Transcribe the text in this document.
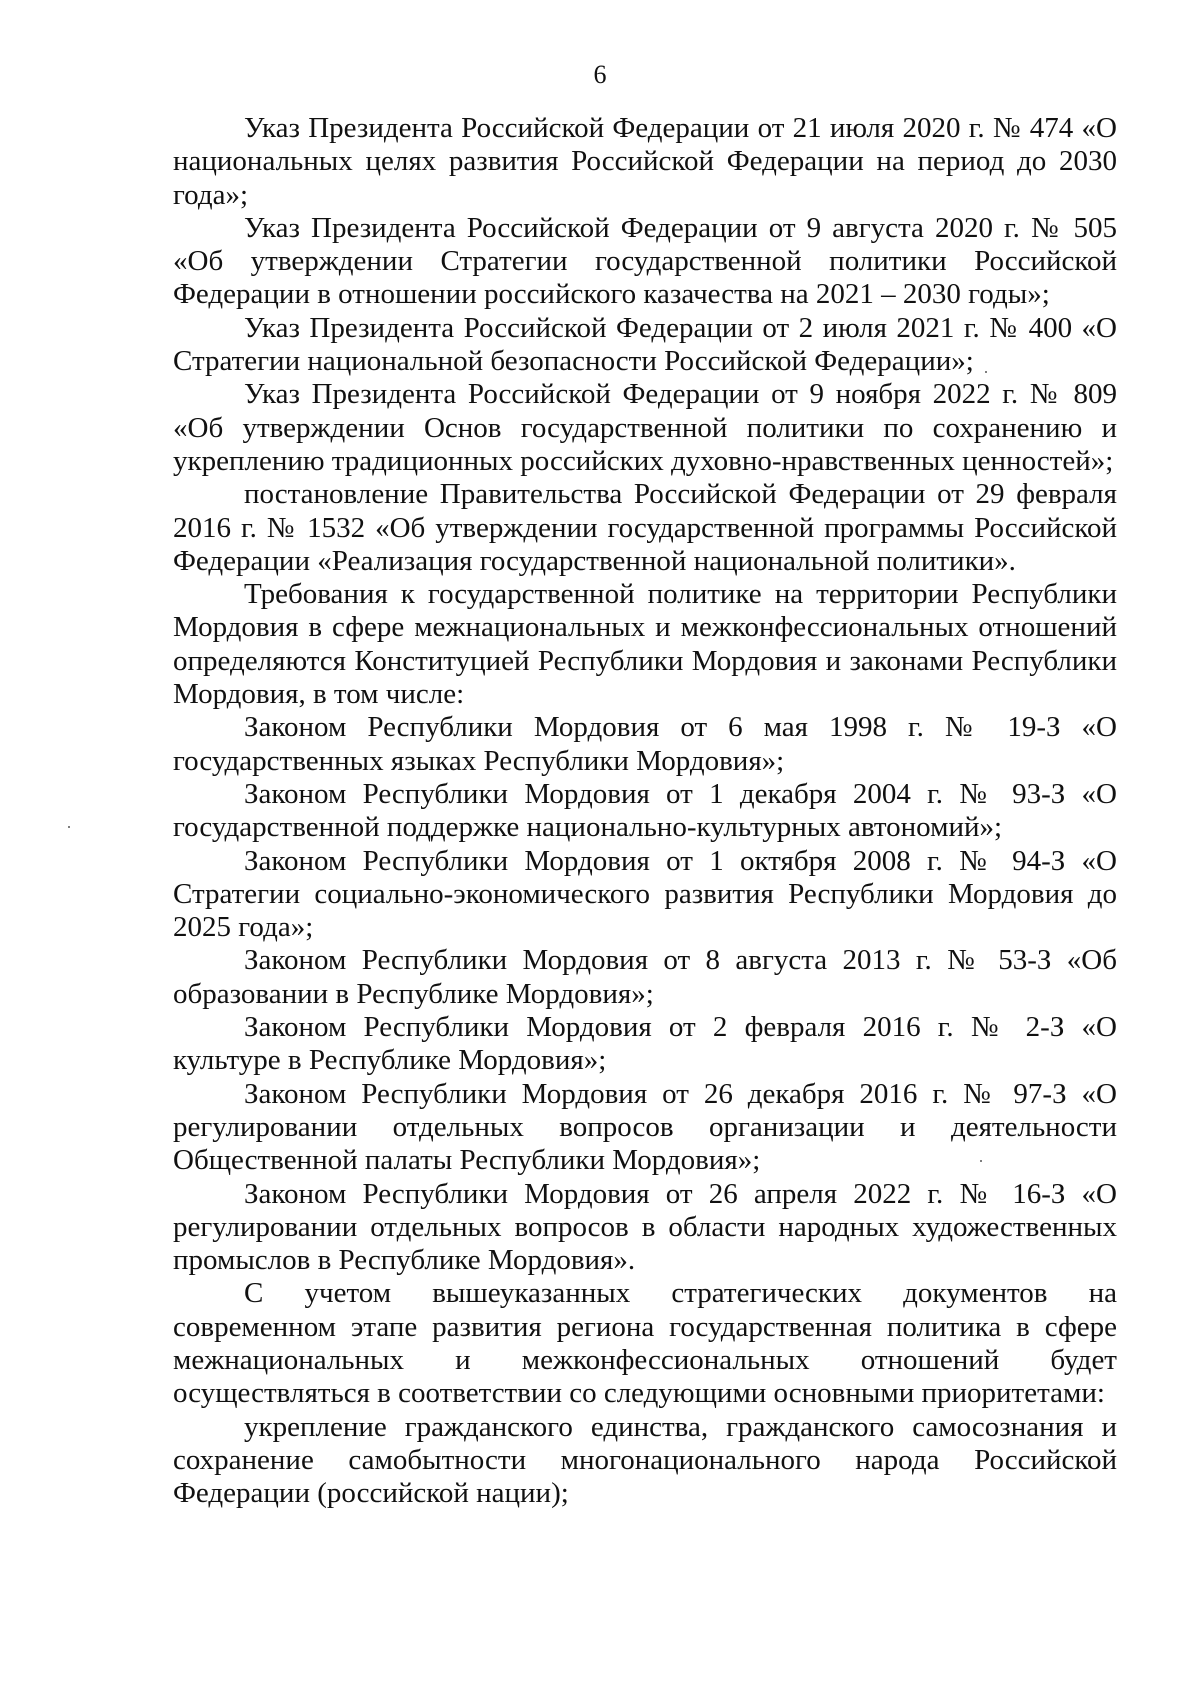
6

Указ Президента Российской Федерации от 21 июля 2020 г. № 474 «О национальных целях развития Российской Федерации на период до 2030 года»;

Указ Президента Российской Федерации от 9 августа 2020 г. № 505 «Об утверждении Стратегии государственной политики Российской Федерации в отношении российского казачества на 2021 – 2030 годы»;

Указ Президента Российской Федерации от 2 июля 2021 г. № 400 «О Стратегии национальной безопасности Российской Федерации»;

Указ Президента Российской Федерации от 9 ноября 2022 г. № 809 «Об утверждении Основ государственной политики по сохранению и укреплению традиционных российских духовно-нравственных ценностей»;

постановление Правительства Российской Федерации от 29 февраля 2016 г. № 1532 «Об утверждении государственной программы Российской Федерации «Реализация государственной национальной политики».

Требования к государственной политике на территории Республики Мордовия в сфере межнациональных и межконфессиональных отношений определяются Конституцией Республики Мордовия и законами Республики Мордовия, в том числе:

Законом Республики Мордовия от 6 мая 1998 г. № 19-З «О государственных языках Республики Мордовия»;

Законом Республики Мордовия от 1 декабря 2004 г. № 93-З «О государственной поддержке национально-культурных автономий»;

Законом Республики Мордовия от 1 октября 2008 г. № 94-З «О Стратегии социально-экономического развития Республики Мордовия до 2025 года»;

Законом Республики Мордовия от 8 августа 2013 г. № 53-З «Об образовании в Республике Мордовия»;

Законом Республики Мордовия от 2 февраля 2016 г. № 2-З «О культуре в Республике Мордовия»;

Законом Республики Мордовия от 26 декабря 2016 г. № 97-З «О регулировании отдельных вопросов организации и деятельности Общественной палаты Республики Мордовия»;

Законом Республики Мордовия от 26 апреля 2022 г. № 16-З «О регулировании отдельных вопросов в области народных художественных промыслов в Республике Мордовия».

С учетом вышеуказанных стратегических документов на современном этапе развития региона государственная политика в сфере межнациональных и межконфессиональных отношений будет осуществляться в соответствии со следующими основными приоритетами:

укрепление гражданского единства, гражданского самосознания и сохранение самобытности многонационального народа Российской Федерации (российской нации);
